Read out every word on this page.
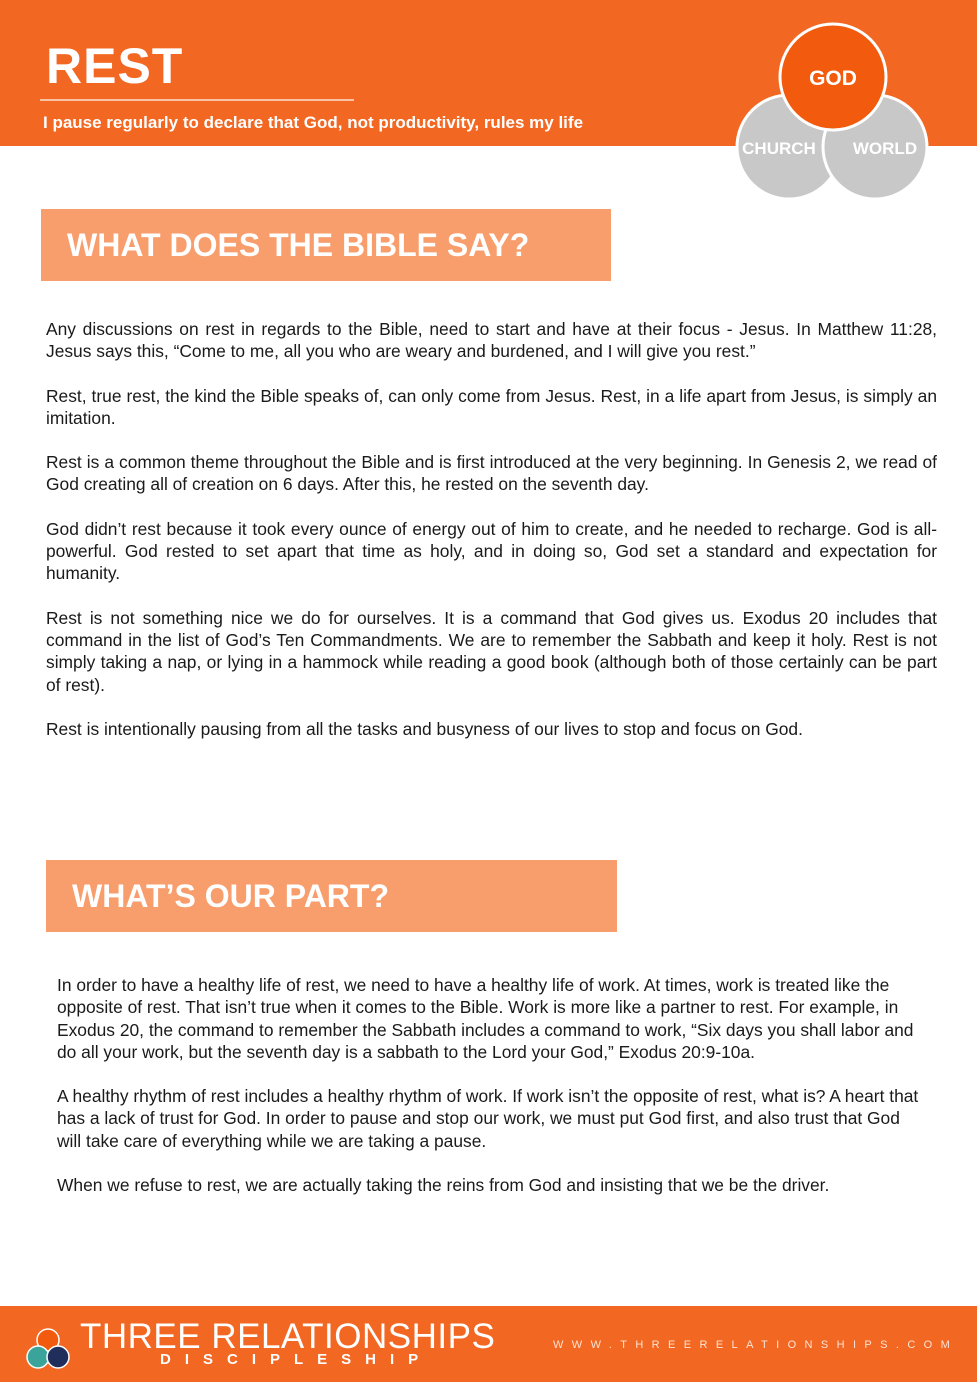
REST
I pause regularly to declare that God, not productivity, rules my life
GOD
CHURCH WORLD
WHAT DOES THE BIBLE SAY?

Any discussions on rest in regards to the Bible, need to start and have at their focus - Jesus. In Matthew 11:28, Jesus says this, “Come to me, all you who are weary and burdened, and I will give you rest.”

Rest, true rest, the kind the Bible speaks of, can only come from Jesus. Rest, in a life apart from Jesus, is simply an imitation.

Rest is a common theme throughout the Bible and is first introduced at the very beginning. In Genesis 2, we read of God creating all of creation on 6 days. After this, he rested on the seventh day.

God didn’t rest because it took every ounce of energy out of him to create, and he needed to recharge. God is all-powerful. God rested to set apart that time as holy, and in doing so, God set a standard and expectation for humanity.

Rest is not something nice we do for ourselves. It is a command that God gives us. Exodus 20 includes that command in the list of God’s Ten Commandments. We are to remember the Sabbath and keep it holy. Rest is not simply taking a nap, or lying in a hammock while reading a good book (although both of those certainly can be part of rest).

Rest is intentionally pausing from all the tasks and busyness of our lives to stop and focus on God.

WHAT’S OUR PART?

In order to have a healthy life of rest, we need to have a healthy life of work. At times, work is treated like the opposite of rest. That isn’t true when it comes to the Bible. Work is more like a partner to rest. For example, in Exodus 20, the command to remember the Sabbath includes a command to work, “Six days you shall labor and do all your work, but the seventh day is a sabbath to the Lord your God,” Exodus 20:9-10a.

A healthy rhythm of rest includes a healthy rhythm of work. If work isn’t the opposite of rest, what is? A heart that has a lack of trust for God. In order to pause and stop our work, we must put God first, and also trust that God will take care of everything while we are taking a pause.

When we refuse to rest, we are actually taking the reins from God and insisting that we be the driver.

THREE RELATIONSHIPS
DISCIPLESHIP
WWW.THREERELATIONSHIPS.COM
